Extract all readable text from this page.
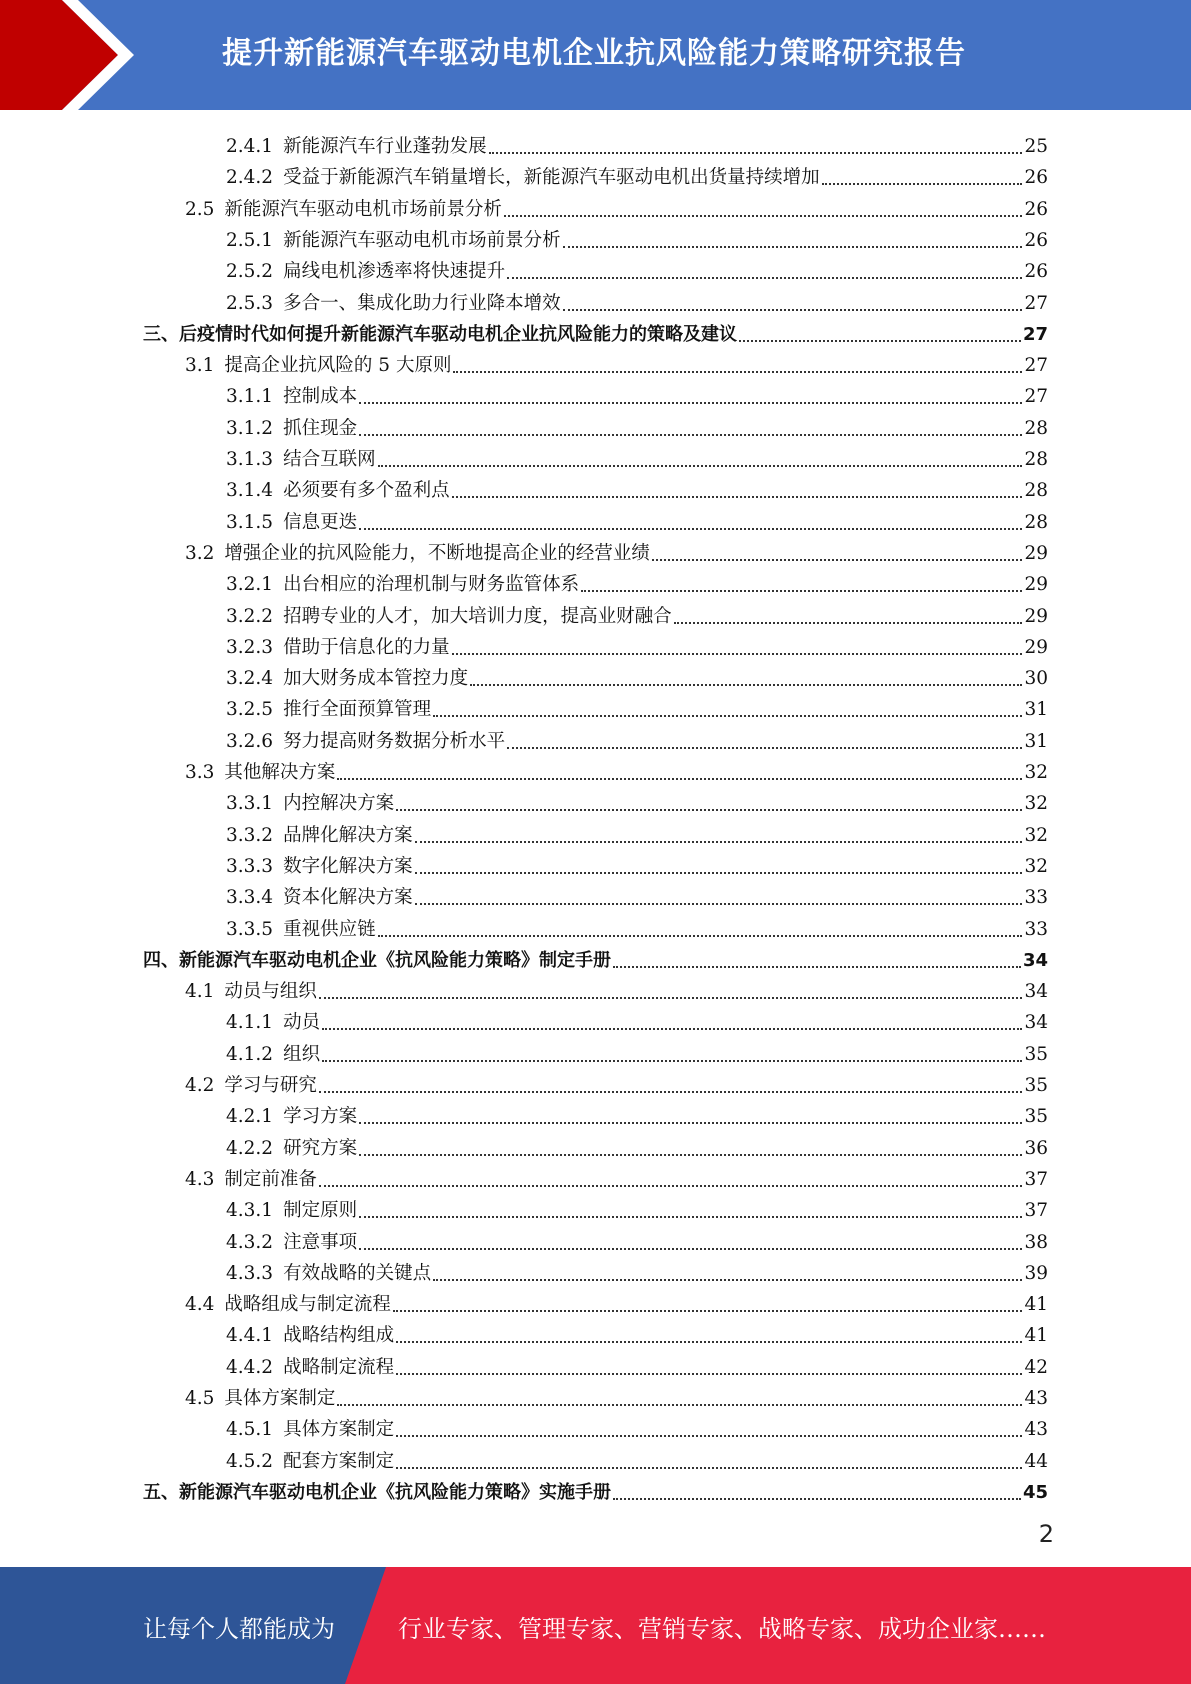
提升新能源汽车驱动电机企业抗风险能力策略研究报告
2.4.1 新能源汽车行业蓬勃发展	25
2.4.2 受益于新能源汽车销量增长，新能源汽车驱动电机出货量持续增加	26
2.5 新能源汽车驱动电机市场前景分析	26
2.5.1 新能源汽车驱动电机市场前景分析	26
2.5.2 扁线电机渗透率将快速提升	26
2.5.3 多合一、集成化助力行业降本增效	27
三、 后疫情时代如何提升新能源汽车驱动电机企业抗风险能力的策略及建议	27
3.1 提高企业抗风险的 5 大原则	27
3.1.1 控制成本	27
3.1.2 抓住现金	28
3.1.3 结合互联网	28
3.1.4 必须要有多个盈利点	28
3.1.5 信息更迭	28
3.2 增强企业的抗风险能力，不断地提高企业的经营业绩	29
3.2.1 出台相应的治理机制与财务监管体系	29
3.2.2 招聘专业的人才，加大培训力度，提高业财融合	29
3.2.3 借助于信息化的力量	29
3.2.4 加大财务成本管控力度	30
3.2.5 推行全面预算管理	31
3.2.6 努力提高财务数据分析水平	31
3.3 其他解决方案	32
3.3.1 内控解决方案	32
3.3.2 品牌化解决方案	32
3.3.3 数字化解决方案	32
3.3.4 资本化解决方案	33
3.3.5 重视供应链	33
四、 新能源汽车驱动电机企业《抗风险能力策略》制定手册	34
4.1 动员与组织	34
4.1.1 动员	34
4.1.2 组织	35
4.2 学习与研究	35
4.2.1 学习方案	35
4.2.2 研究方案	36
4.3 制定前准备	37
4.3.1 制定原则	37
4.3.2 注意事项	38
4.3.3 有效战略的关键点	39
4.4 战略组成与制定流程	41
4.4.1 战略结构组成	41
4.4.2 战略制定流程	42
4.5 具体方案制定	43
4.5.1 具体方案制定	43
4.5.2 配套方案制定	44
五、 新能源汽车驱动电机企业《抗风险能力策略》实施手册	45
2
让每个人都能成为	行业专家、管理专家、营销专家、战略专家、成功企业家……
